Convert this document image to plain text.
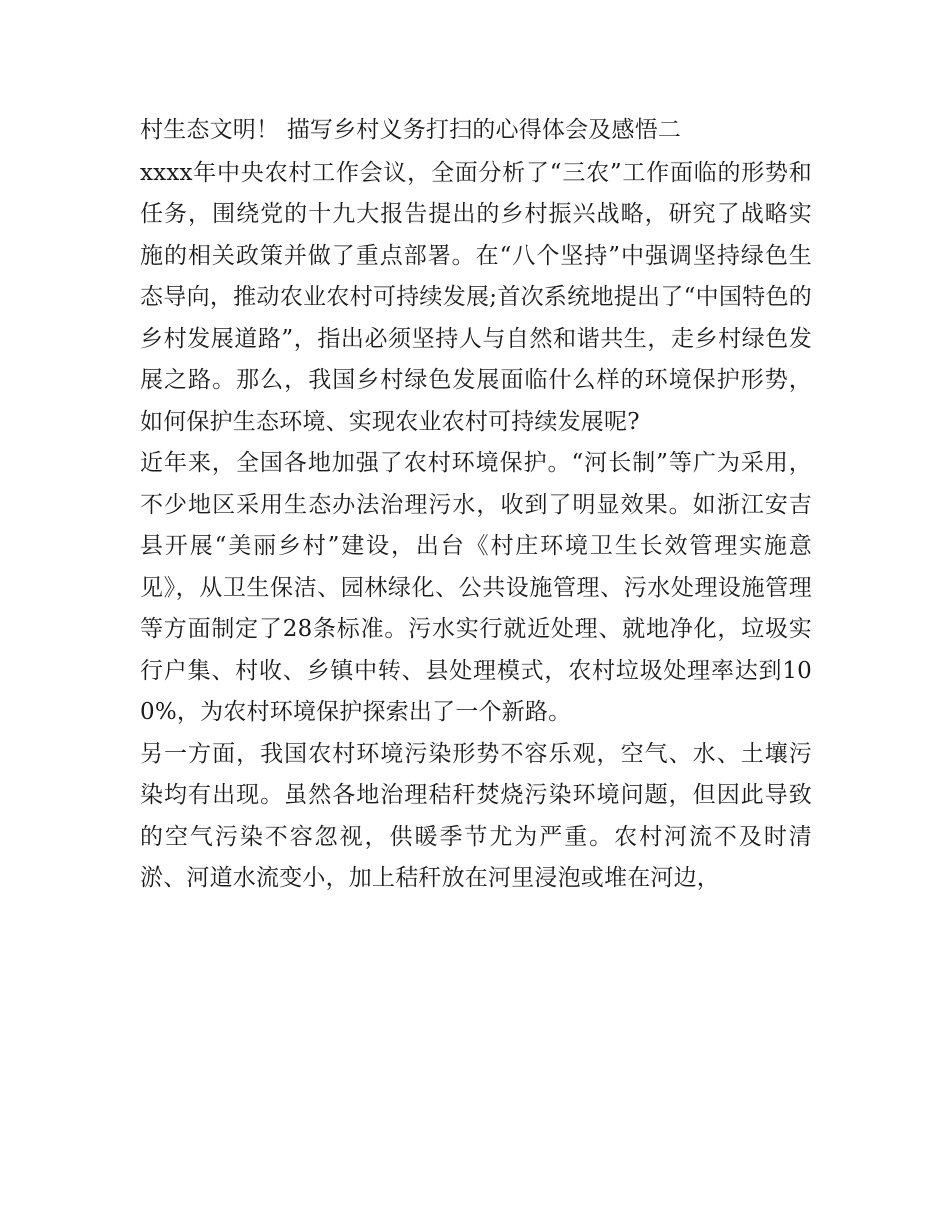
村生态文明！ 描写乡村义务打扫的心得体会及感悟二

xxxx年中央农村工作会议，全面分析了“三农”工作面临的形势和任务，围绕党的十九大报告提出的乡村振兴战略，研究了战略实施的相关政策并做了重点部署。在“八个坚持”中强调坚持绿色生态导向，推动农业农村可持续发展;首次系统地提出了“中国特色的乡村发展道路”，指出必须坚持人与自然和谐共生，走乡村绿色发展之路。那么，我国乡村绿色发展面临什么样的环境保护形势，如何保护生态环境、实现农业农村可持续发展呢?

近年来，全国各地加强了农村环境保护。“河长制”等广为采用，不少地区采用生态办法治理污水，收到了明显效果。如浙江安吉县开展“美丽乡村”建设，出台《村庄环境卫生长效管理实施意见》，从卫生保洁、园林绿化、公共设施管理、污水处理设施管理等方面制定了28条标准。污水实行就近处理、就地净化，垃圾实行户集、村收、乡镇中转、县处理模式，农村垃圾处理率达到100%，为农村环境保护探索出了一个新路。

另一方面，我国农村环境污染形势不容乐观，空气、水、土壤污染均有出现。虽然各地治理秸秆焚烧污染环境问题，但因此导致的空气污染不容忽视，供暖季节尤为严重。农村河流不及时清淤、河道水流变小，加上秸秆放在河里浸泡或堆在河边，
